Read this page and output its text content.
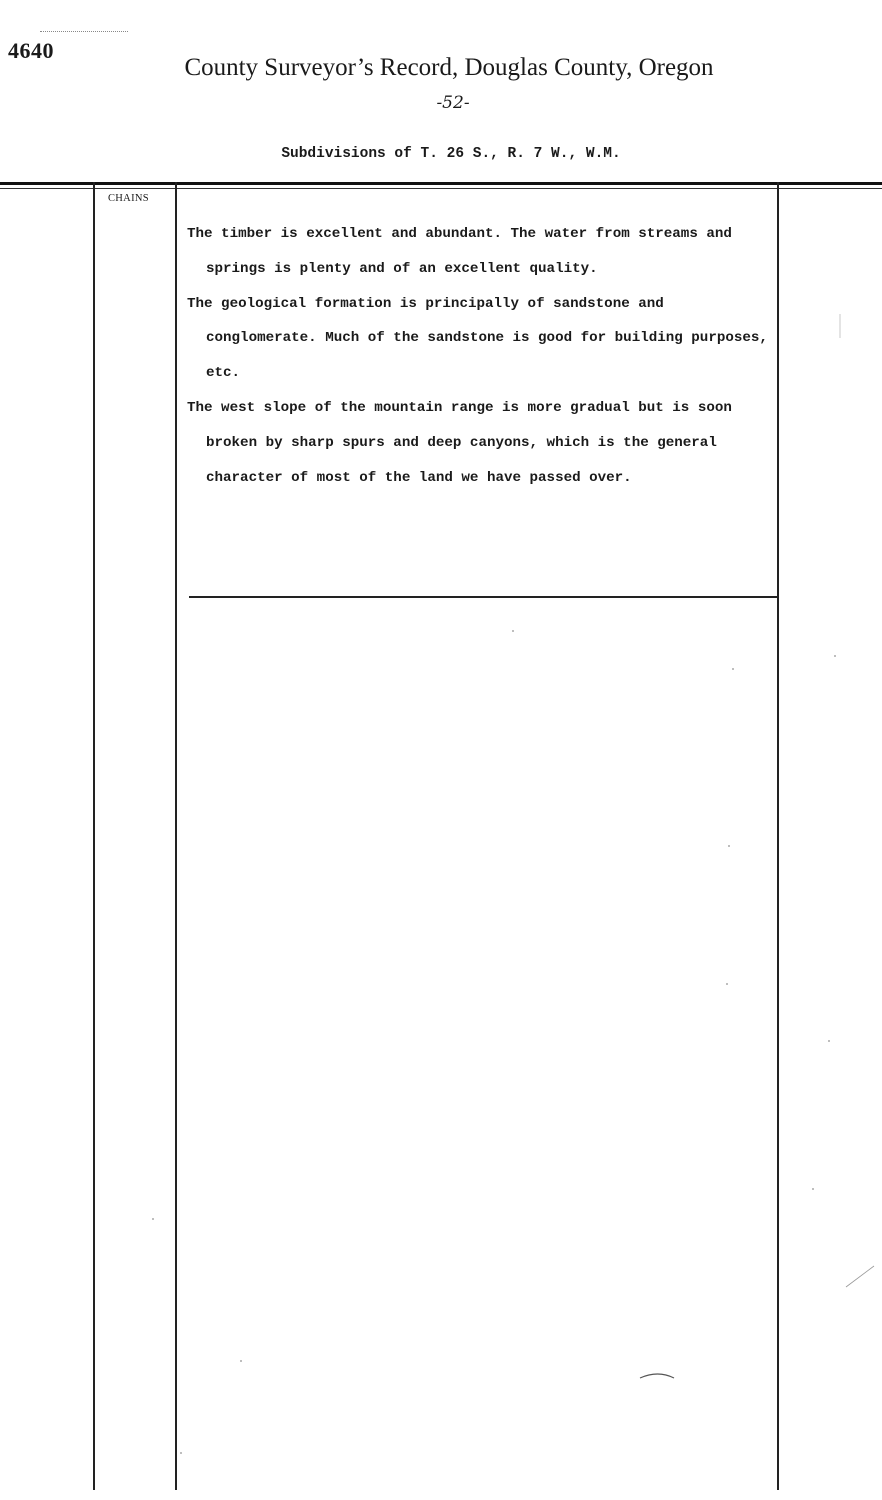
4640
County Surveyor’s Record, Douglas County, Oregon
-52-
Subdivisions of T. 26 S., R. 7 W., W.M.
CHAINS

The timber is excellent and abundant. The water from streams and springs is plenty and of an excellent quality.

The geological formation is principally of sandstone and conglomerate. Much of the sandstone is good for building purposes, etc.

The west slope of the mountain range is more gradual but is soon broken by sharp spurs and deep canyons, which is the general character of most of the land we have passed over.
